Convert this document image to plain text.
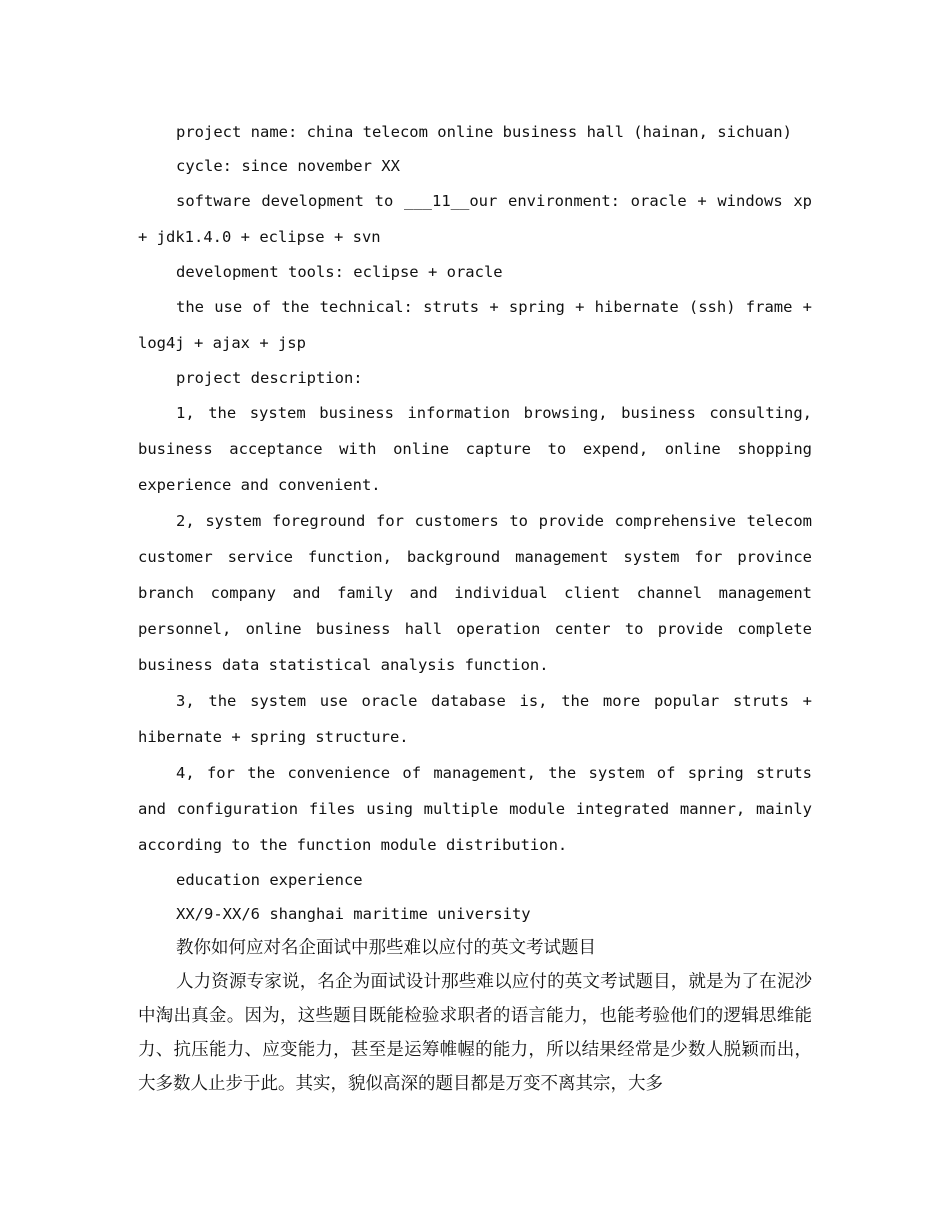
project name: china telecom online business hall (hainan, sichuan)

cycle: since november XX

software development to ___11__our environment: oracle + windows xp + jdk1.4.0 + eclipse + svn

development tools: eclipse + oracle

the use of the technical: struts + spring + hibernate (ssh) frame + log4j + ajax + jsp

project description:

1, the system business information browsing, business consulting, business acceptance with online capture to expend, online shopping experience and convenient.

2, system foreground for customers to provide comprehensive telecom customer service function, background management system for province branch company and family and individual client channel management personnel, online business hall operation center to provide complete business data statistical analysis function.

3, the system use oracle database is, the more popular struts + hibernate + spring structure.

4, for the convenience of management, the system of spring struts and configuration files using multiple module integrated manner, mainly according to the function module distribution.

education experience

XX/9-XX/6 shanghai maritime university

教你如何应对名企面试中那些难以应付的英文考试题目

人力资源专家说，名企为面试设计那些难以应付的英文考试题目，就是为了在泥沙中淘出真金。因为，这些题目既能检验求职者的语言能力，也能考验他们的逻辑思维能力、抗压能力、应变能力，甚至是运筹帷幄的能力，所以结果经常是少数人脱颖而出，大多数人止步于此。其实，貌似高深的题目都是万变不离其宗，大多
